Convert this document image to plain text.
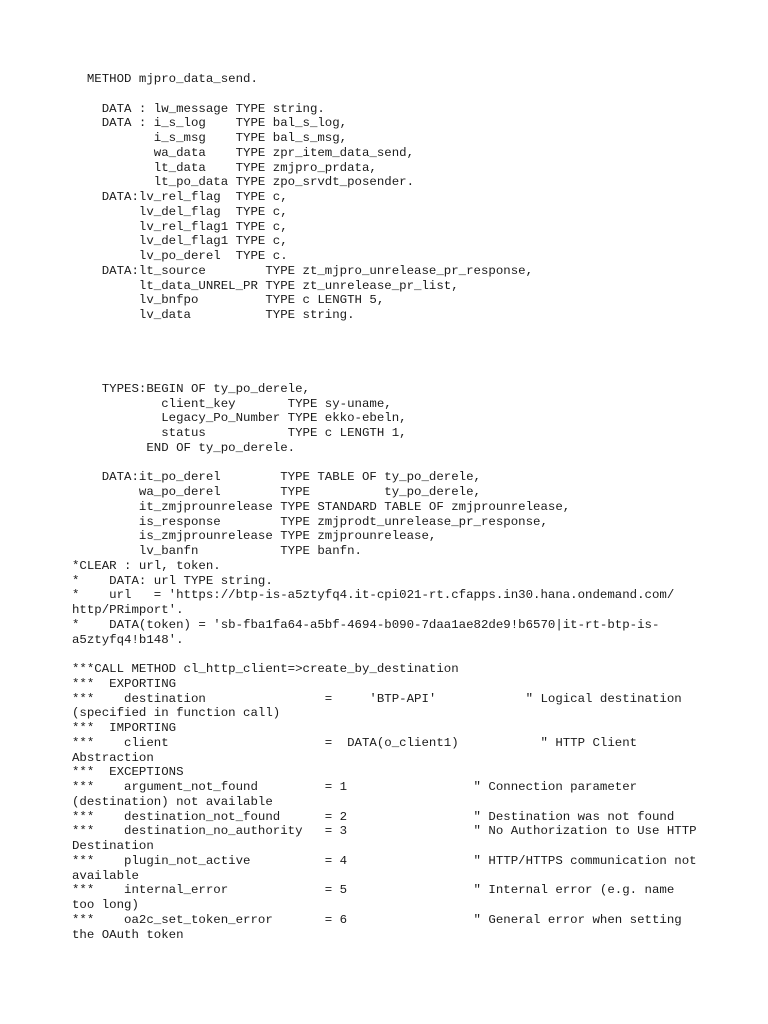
METHOD mjpro_data_send.
DATA : lw_message TYPE string.
DATA : i_s_log    TYPE bal_s_log,
i_s_msg    TYPE bal_s_msg,
wa_data    TYPE zpr_item_data_send,
lt_data    TYPE zmjpro_prdata,
lt_po_data TYPE zpo_srvdt_posender.
DATA:lv_rel_flag  TYPE c,
lv_del_flag  TYPE c,
lv_rel_flag1 TYPE c,
lv_del_flag1 TYPE c,
lv_po_derel  TYPE c.
DATA:lt_source        TYPE zt_mjpro_unrelease_pr_response,
lt_data_UNREL_PR TYPE zt_unrelease_pr_list,
lv_bnfpo         TYPE c LENGTH 5,
lv_data          TYPE string.
TYPES:BEGIN OF ty_po_derele,
client_key       TYPE sy-uname,
Legacy_Po_Number TYPE ekko-ebeln,
status           TYPE c LENGTH 1,
END OF ty_po_derele.
DATA:it_po_derel        TYPE TABLE OF ty_po_derele,
wa_po_derel        TYPE          ty_po_derele,
it_zmjprounrelease TYPE STANDARD TABLE OF zmjprounrelease,
is_response        TYPE zmjprodt_unrelease_pr_response,
is_zmjprounrelease TYPE zmjprounrelease,
lv_banfn           TYPE banfn.
*CLEAR : url, token.
*    DATA: url TYPE string.
*    url   = 'https://btp-is-a5ztyfq4.it-cpi021-rt.cfapps.in30.hana.ondemand.com/
http/PRimport'.
*    DATA(token) = 'sb-fba1fa64-a5bf-4694-b090-7daa1ae82de9!b6570|it-rt-btp-is-
a5ztyfq4!b148'.
***CALL METHOD cl_http_client=>create_by_destination
***  EXPORTING
***    destination                =     'BTP-API'            " Logical destination
(specified in function call)
***  IMPORTING
***    client                     =  DATA(o_client1)           " HTTP Client
Abstraction
***  EXCEPTIONS
***    argument_not_found         = 1                 " Connection parameter
(destination) not available
***    destination_not_found      = 2                 " Destination was not found
***    destination_no_authority   = 3                 " No Authorization to Use HTTP
Destination
***    plugin_not_active          = 4                 " HTTP/HTTPS communication not
available
***    internal_error             = 5                 " Internal error (e.g. name
too long)
***    oa2c_set_token_error       = 6                 " General error when setting
the OAuth token
